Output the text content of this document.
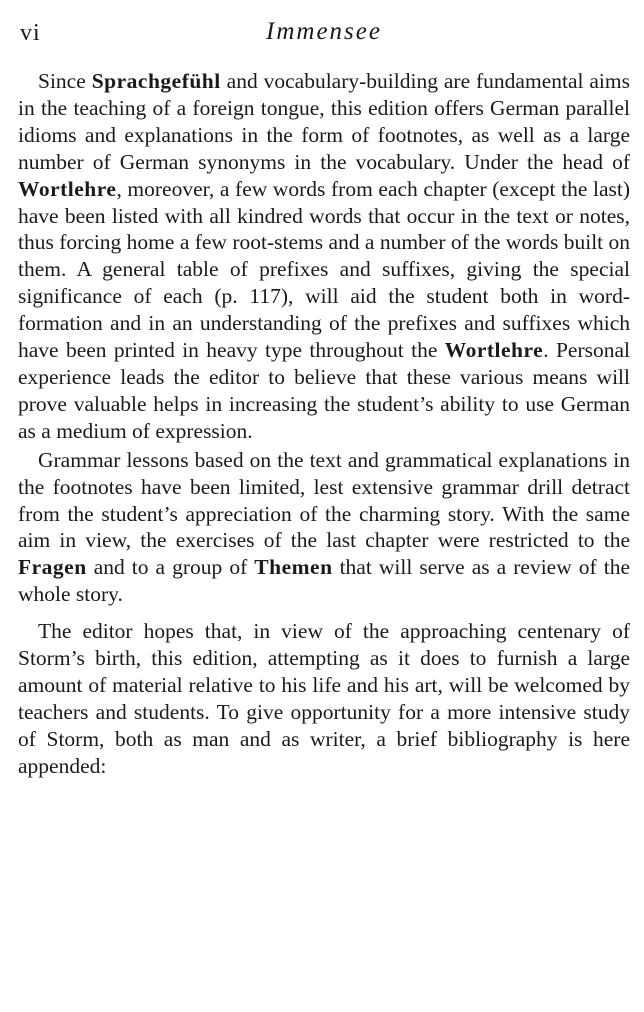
vi	Immensee

Since Sprachgefühl and vocabulary-building are fundamental aims in the teaching of a foreign tongue, this edition offers German parallel idioms and explanations in the form of footnotes, as well as a large number of German synonyms in the vocabulary. Under the head of Wortlehre, moreover, a few words from each chapter (except the last) have been listed with all kindred words that occur in the text or notes, thus forcing home a few root-stems and a number of the words built on them. A general table of prefixes and suffixes, giving the special significance of each (p. 117), will aid the student both in word-formation and in an understanding of the prefixes and suffixes which have been printed in heavy type throughout the Wortlehre. Personal experience leads the editor to believe that these various means will prove valuable helps in increasing the student’s ability to use German as a medium of expression.

Grammar lessons based on the text and grammatical explanations in the footnotes have been limited, lest extensive grammar drill detract from the student’s appreciation of the charming story. With the same aim in view, the exercises of the last chapter were restricted to the Fragen and to a group of Themen that will serve as a review of the whole story.

The editor hopes that, in view of the approaching centenary of Storm’s birth, this edition, attempting as it does to furnish a large amount of material relative to his life and his art, will be welcomed by teachers and students. To give opportunity for a more intensive study of Storm, both as man and as writer, a brief bibliography is here appended:
